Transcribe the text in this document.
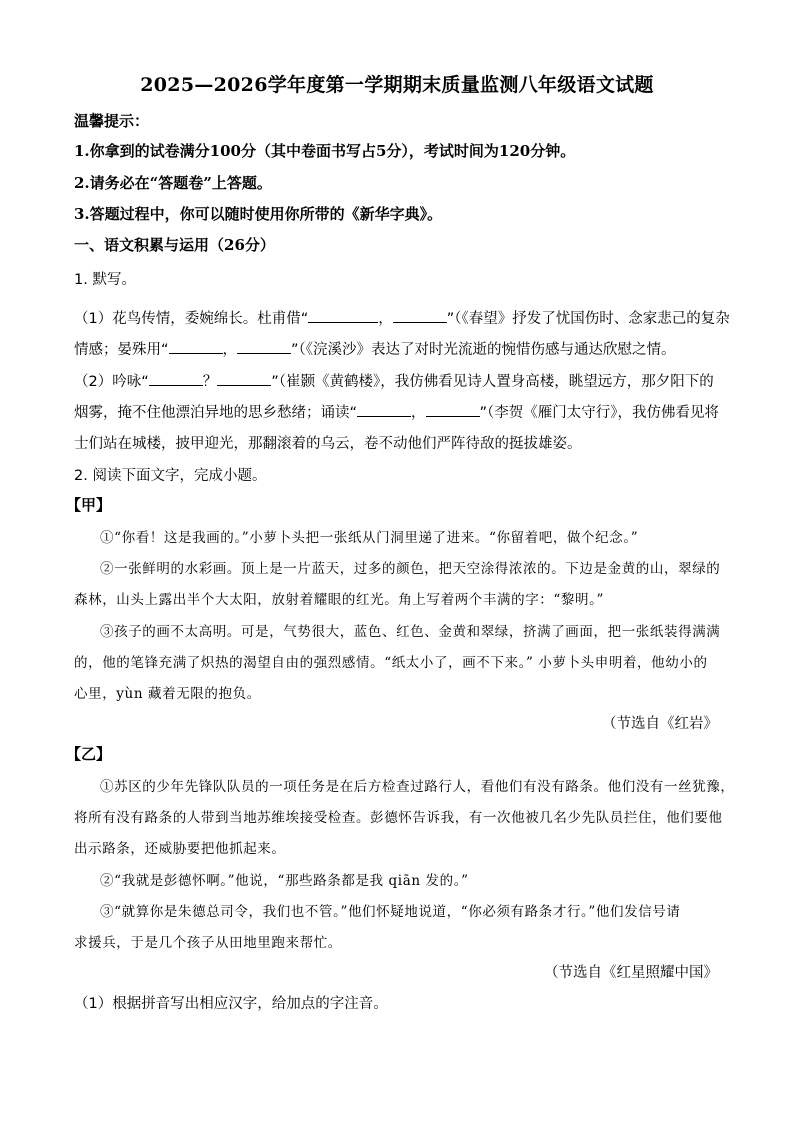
2025—2026学年度第一学期期末质量监测八年级语文试题
温馨提示：
1.你拿到的试卷满分100分（其中卷面书写占5分），考试时间为120分钟。
2.请务必在“答题卷”上答题。
3.答题过程中，你可以随时使用你所带的《新华字典》。
一、语文积累与运用（26分）
1. 默写。
（1）花鸟传情，委婉绵长。杜甫借“	，	”（《春望》抒发了忧国伤时、念家悲己的复杂
情感；晏殊用“	，	”（《浣溪沙》表达了对时光流逝的惋惜伤感与通达欣慰之情。
（2）吟咏“	？	”（崔颢《黄鹤楼》，我仿佛看见诗人置身高楼，眺望远方，那夕阳下的
烟雾，掩不住他漂泊异地的思乡愁绪；诵读“	，	”（李贺《雁门太守行》，我仿佛看见将
士们站在城楼，披甲迎光，那翻滚着的乌云，卷不动他们严阵待敌的挺拔雄姿。
2. 阅读下面文字，完成小题。
【甲】
①“你看！这是我画的。”小萝卜头把一张纸从门洞里递了进来。“你留着吧，做个纪念。”
②一张鲜明的水彩画。顶上是一片蓝天，过多的颜色，把天空涂得浓浓的。下边是金黄的山，翠绿的
森林，山头上露出半个大太阳，放射着耀眼的红光。角上写着两个丰满的字：“黎明。”
③孩子的画不太高明。可是，气势很大，蓝色、红色、金黄和翠绿，挤满了画面，把一张纸装得满满
的，他的笔锋充满了炽热的渴望自由的强烈感情。“纸太小了，画不下来。” 小萝卜头申明着，他幼小的
心里，yùn 藏着无限的抱负。
（节选自《红岩》
【乙】
①苏区的少年先锋队队员的一项任务是在后方检查过路行人，看他们有没有路条。他们没有一丝犹豫，
将所有没有路条的人带到当地苏维埃接受检查。彭德怀告诉我，有一次他被几名少先队员拦住，他们要他
出示路条，还威胁要把他抓起来。
②“我就是彭德怀啊。”他说，“那些路条都是我 qiān 发的。”
③“就算你是朱德总司令，我们也不管。”他们怀疑地说道，“你必须有路条才行。”他们发信号请
求援兵，于是几个孩子从田地里跑来帮忙。
（节选自《红星照耀中国》
（1）根据拼音写出相应汉字，给加点的字注音。
